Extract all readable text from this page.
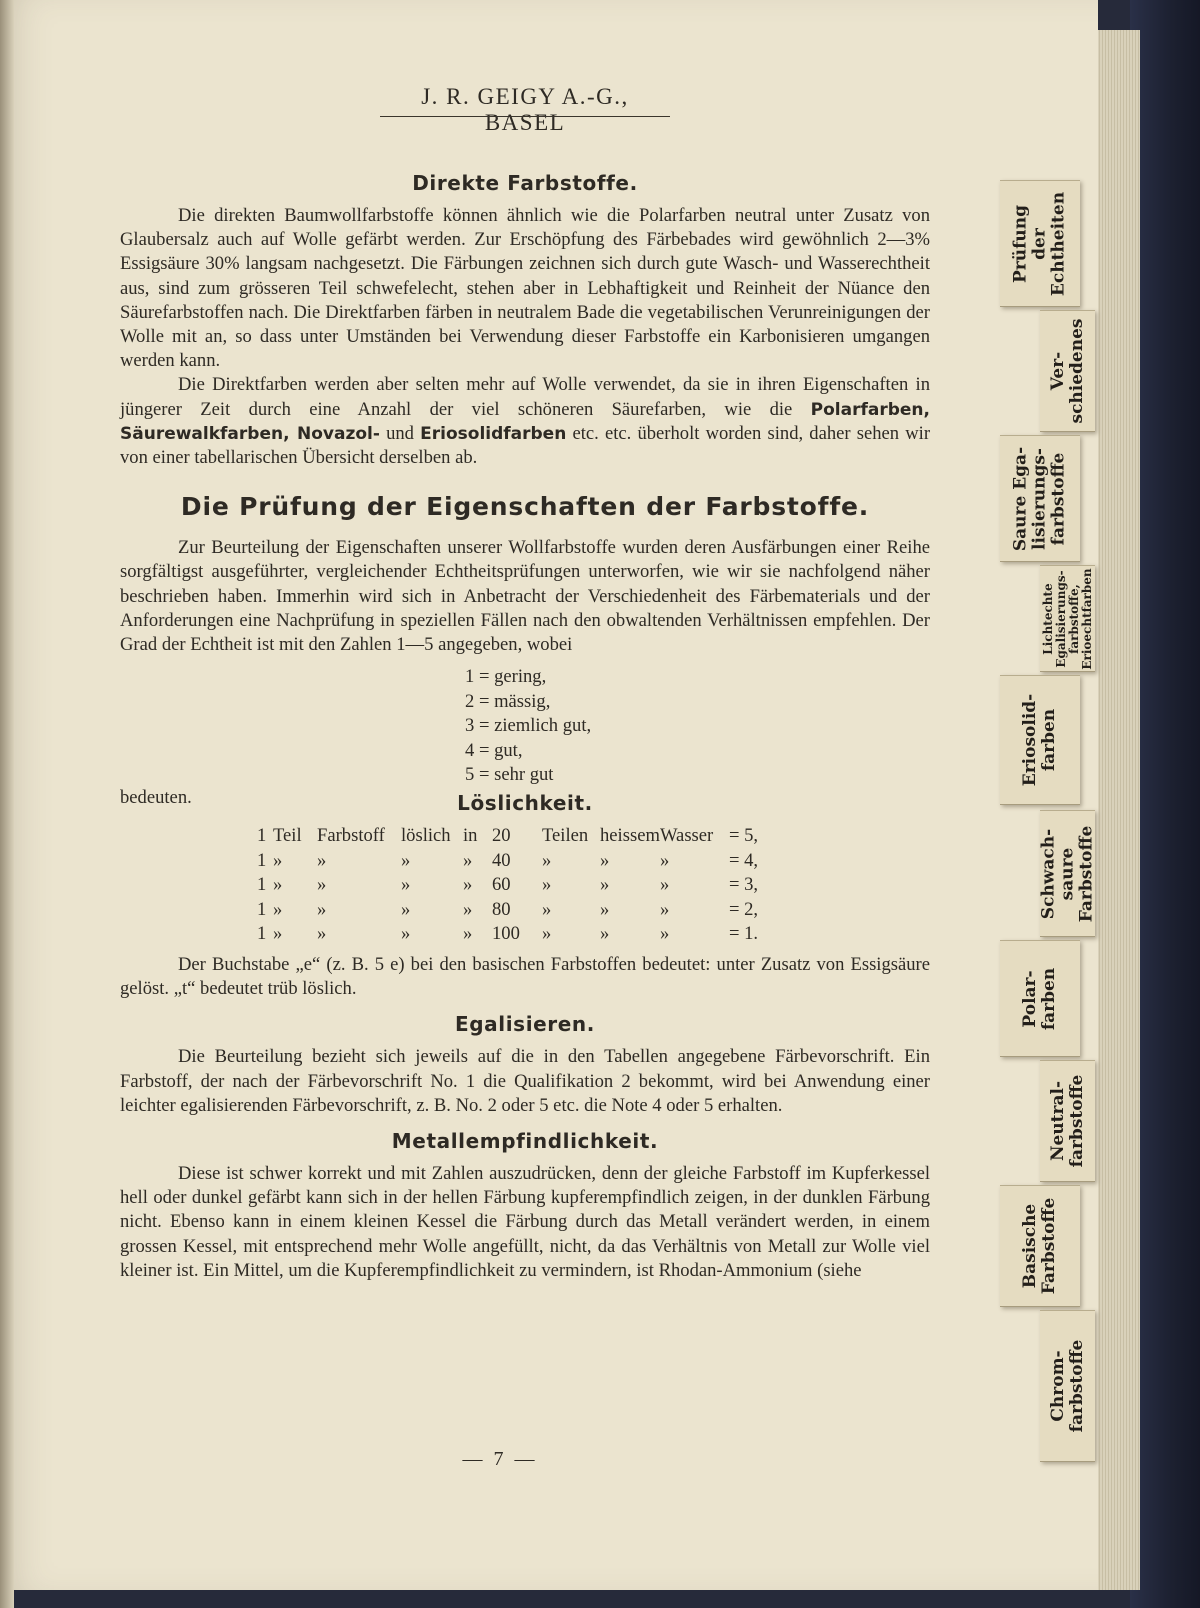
J. R. GEIGY A.-G., BASEL
Direkte Farbstoffe.

Die direkten Baumwollfarbstoffe können ähnlich wie die Polarfarben neutral unter Zusatz von Glaubersalz auch auf Wolle gefärbt werden. Zur Erschöpfung des Färbebades wird gewöhnlich 2—3% Essigsäure 30% langsam nachgesetzt. Die Färbungen zeichnen sich durch gute Wasch- und Wasserechtheit aus, sind zum grösseren Teil schwefelecht, stehen aber in Lebhaftigkeit und Reinheit der Nüance den Säurefarbstoffen nach. Die Direktfarben färben in neutralem Bade die vegetabilischen Verunreinigungen der Wolle mit an, so dass unter Umständen bei Verwendung dieser Farbstoffe ein Karbonisieren umgangen werden kann.

Die Direktfarben werden aber selten mehr auf Wolle verwendet, da sie in ihren Eigenschaften in jüngerer Zeit durch eine Anzahl der viel schöneren Säurefarben, wie die Polarfarben, Säurewalkfarben, Novazol- und Eriosolidfarben etc. etc. überholt worden sind, daher sehen wir von einer tabellarischen Übersicht derselben ab.

Die Prüfung der Eigenschaften der Farbstoffe.

Zur Beurteilung der Eigenschaften unserer Wollfarbstoffe wurden deren Ausfärbungen einer Reihe sorgfältigst ausgeführter, vergleichender Echtheitsprüfungen unterworfen, wie wir sie nachfolgend näher beschrieben haben. Immerhin wird sich in Anbetracht der Verschiedenheit des Färbematerials und der Anforderungen eine Nachprüfung in speziellen Fällen nach den obwaltenden Verhältnissen empfehlen. Der Grad der Echtheit ist mit den Zahlen 1—5 angegeben, wobei

1 = gering,
2 = mässig,
3 = ziemlich gut,
4 = gut,
5 = sehr gut
bedeuten.	Löslichkeit.
1 Teil Farbstoff löslich in 20 Teilen heissem Wasser = 5,
1 » »	»	» 40 »	»	»	= 4,
1 » »	»	» 60 »	»	»	= 3,
1 » »	»	» 80 »	»	»	= 2,
1 » »	»	» 100 »	»	»	= 1.

Der Buchstabe „e“ (z. B. 5 e) bei den basischen Farbstoffen bedeutet: unter Zusatz von Essigsäure gelöst. „t“ bedeutet trüb löslich.

Egalisieren.

Die Beurteilung bezieht sich jeweils auf die in den Tabellen angegebene Färbevorschrift. Ein Farbstoff, der nach der Färbevorschrift No. 1 die Qualifikation 2 bekommt, wird bei Anwendung einer leichter egalisierenden Färbevorschrift, z. B. No. 2 oder 5 etc. die Note 4 oder 5 erhalten.

Metallempfindlichkeit.

Diese ist schwer korrekt und mit Zahlen auszudrücken, denn der gleiche Farbstoff im Kupferkessel hell oder dunkel gefärbt kann sich in der hellen Färbung kupferempfindlich zeigen, in der dunklen Färbung nicht. Ebenso kann in einem kleinen Kessel die Färbung durch das Metall verändert werden, in einem grossen Kessel, mit entsprechend mehr Wolle angefüllt, nicht, da das Verhältnis von Metall zur Wolle viel kleiner ist. Ein Mittel, um die Kupferempfindlichkeit zu vermindern, ist Rhodan-Ammonium (siehe

— 7 —
Prüfung
der
Echtheiten
Ver-
schiedenes
Saure Ega-
lisierungs-
farbstoffe
Lichtechte
Egalisierungs-
farbstoffe,
Erioechtfarben
Eriosolid-
farben
Schwach-
saure
Farbstoffe
Polar-
farben
Neutral-
farbstoffe
Basische
Farbstoffe
Chrom-
farbstoffe
